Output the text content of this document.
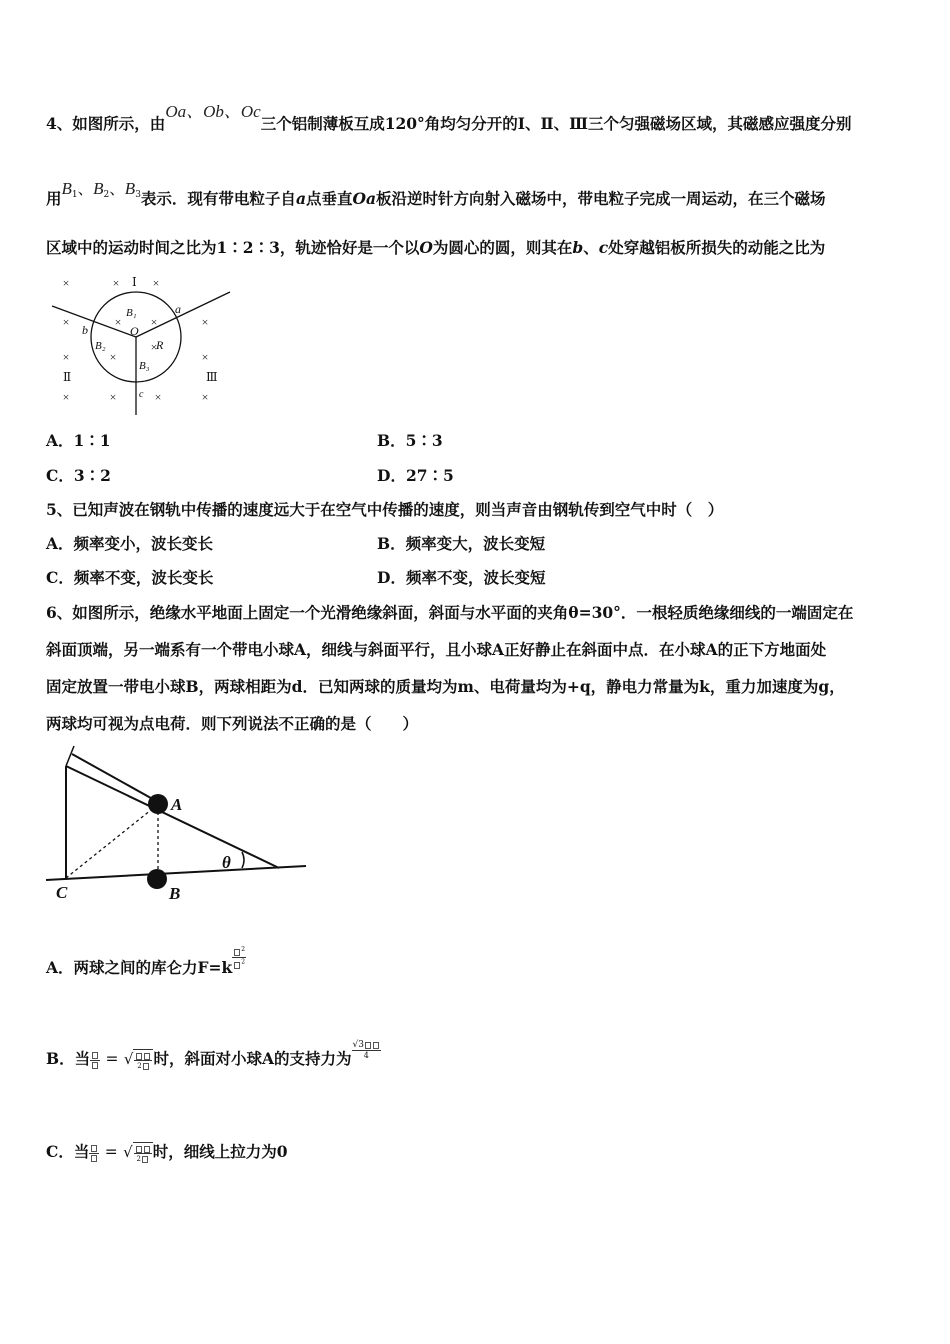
4、如图所示，由Oa、Ob、Oc三个铝制薄板互成120°角均匀分开的Ⅰ、Ⅱ、Ⅲ三个匀强磁场区域，其磁感应强度分别
用$B_1$、$B_2$、$B_3$表示．现有带电粒子自a点垂直Oa板沿逆时针方向射入磁场中，带电粒子完成一周运动，在三个磁场
区域中的运动时间之比为1∶2∶3，轨迹恰好是一个以O为圆心的圆，则其在b、c处穿越铝板所损失的动能之比为
×	×	×
×	×
× ×
×	×
×
×
×	×
×	×
Ⅰ
Ⅱ	Ⅲ
a
b
c
O
R
B₁
B₂
B₃
A．1∶1	B．5∶3
C．3∶2	D．27∶5
5、已知声波在钢轨中传播的速度远大于在空气中传播的速度，则当声音由钢轨传到空气中时（　）
A．频率变小，波长变长	B．频率变大，波长变短
C．频率不变，波长变长	D．频率不变，波长变短
6、如图所示，绝缘水平地面上固定一个光滑绝缘斜面，斜面与水平面的夹角θ=30°．一根轻质绝缘细线的一端固定在
斜面顶端，另一端系有一个带电小球A，细线与斜面平行，且小球A正好静止在斜面中点．在小球A的正下方地面处
固定放置一带电小球B，两球相距为d．已知两球的质量均为m、电荷量均为+q，静电力常量为k，重力加速度为g，
两球均可视为点电荷．则下列说法不正确的是（　　）
A
B
C
θ
A．两球之间的库仑力$F=k \frac{^2}{^2}$
B．当 = √ 2 时，斜面对小球A的支持力为 $\frac{√3}{4}$
C．当 = √ 2 时，细线上拉力为0
